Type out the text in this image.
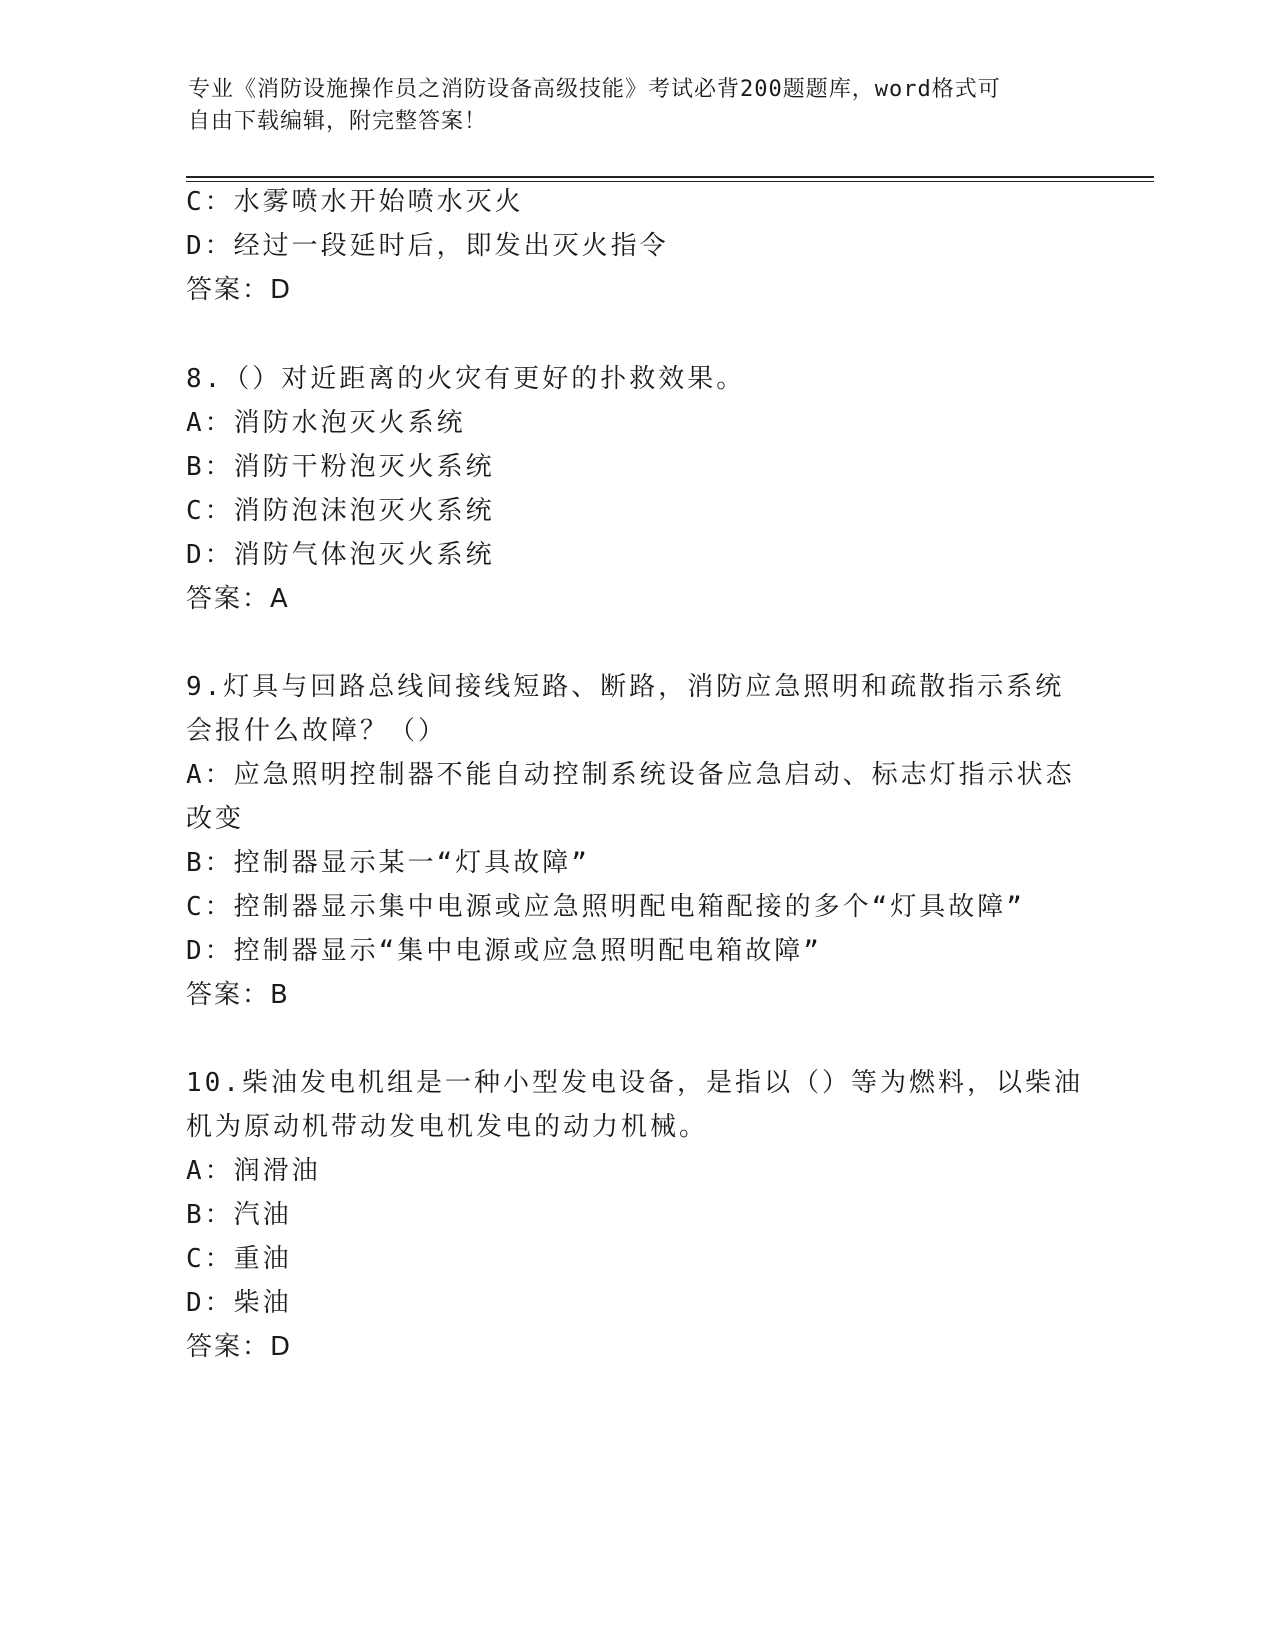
专业《消防设施操作员之消防设备高级技能》考试必背200题题库，word格式可
自由下载编辑，附完整答案！
C：水雾喷水开始喷水灭火
D：经过一段延时后，即发出灭火指令
答案：D
8.（）对近距离的火灾有更好的扑救效果。
A：消防水泡灭火系统
B：消防干粉泡灭火系统
C：消防泡沫泡灭火系统
D：消防气体泡灭火系统
答案：A
9.灯具与回路总线间接线短路、断路，消防应急照明和疏散指示系统
会报什么故障？（）
A：应急照明控制器不能自动控制系统设备应急启动、标志灯指示状态
改变
B：控制器显示某一“灯具故障”
C：控制器显示集中电源或应急照明配电箱配接的多个“灯具故障”
D：控制器显示“集中电源或应急照明配电箱故障”
答案：B
10.柴油发电机组是一种小型发电设备，是指以（）等为燃料，以柴油
机为原动机带动发电机发电的动力机械。
A：润滑油
B：汽油
C：重油
D：柴油
答案：D
